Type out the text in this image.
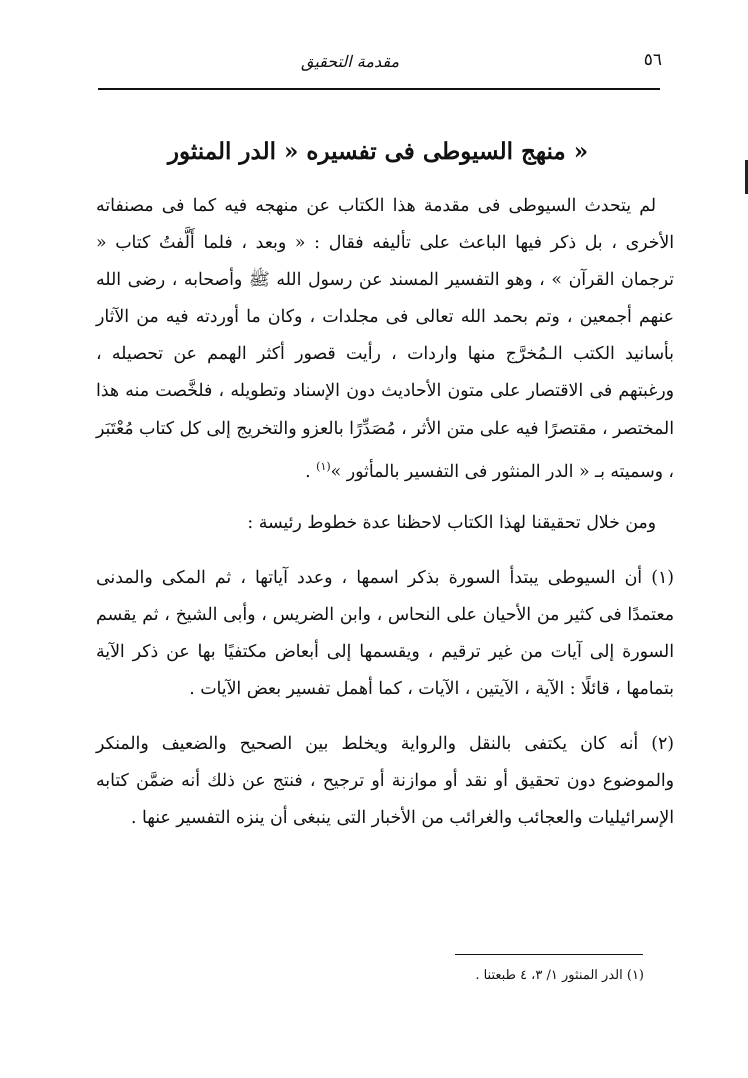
مقدمة التحقيق	٥٦
منهج السيوطى فى تفسيره « الدر المنثور »

لم يتحدث السيوطى فى مقدمة هذا الكتاب عن منهجه فيه كما فى مصنفاته الأخرى ، بل ذكر فيها الباعث على تأليفه فقال : « وبعد ، فلما أَلَّفتُ كتاب « ترجمان القرآن » ، وهو التفسير المسند عن رسول الله ﷺ وأصحابه ، رضى الله عنهم أجمعين ، وتم بحمد الله تعالى فى مجلدات ، وكان ما أوردته فيه من الآثار بأسانيد الكتب الـمُخرَّج منها واردات ، رأيت قصور أكثر الهمم عن تحصيله ، ورغبتهم فى الاقتصار على متون الأحاديث دون الإسناد وتطويله ، فلخَّصت منه هذا المختصر ، مقتصرًا فيه على متن الأثر ، مُصَدِّرًا بالعزو والتخريج إلى كل كتاب مُعْتَبَر ، وسميته بـ « الدر المنثور فى التفسير بالمأثور »$^{(١)}$ .

ومن خلال تحقيقنا لهذا الكتاب لاحظنا عدة خطوط رئيسة :

(١) أن السيوطى يبتدأ السورة بذكر اسمها ، وعدد آياتها ، ثم المكى والمدنى معتمدًا فى كثير من الأحيان على النحاس ، وابن الضريس ، وأبى الشيخ ، ثم يقسم السورة إلى آيات من غير ترقيم ، ويقسمها إلى أبعاض مكتفيًا بها عن ذكر الآية بتمامها ، قائلًا : الآية ، الآيتين ، الآيات ، كما أهمل تفسير بعض الآيات .

(٢) أنه كان يكتفى بالنقل والرواية ويخلط بين الصحيح والضعيف والمنكر والموضوع دون تحقيق أو نقد أو موازنة أو ترجيح ، فنتج عن ذلك أنه ضمَّن كتابه الإسرائيليات والعجائب والغرائب من الأخبار التى ينبغى أن ينزه التفسير عنها .

(١) الدر المنثور ١/ ٣، ٤ طبعتنا .
